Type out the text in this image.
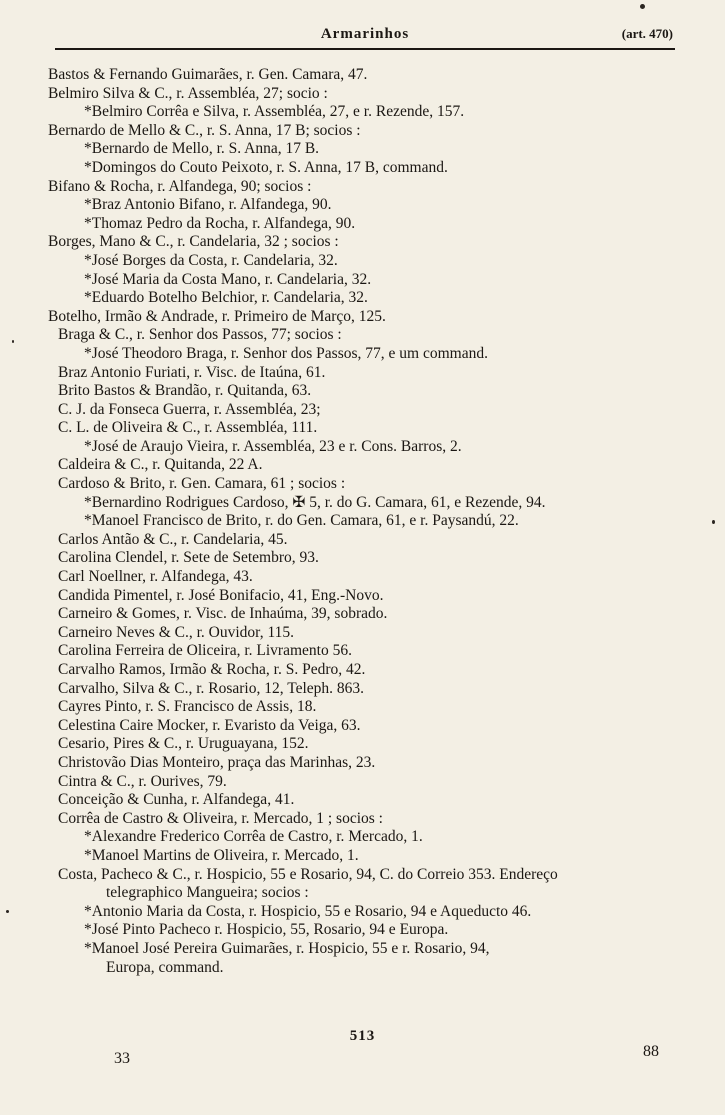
Armarinhos	(art. 470)
Bastos & Fernando Guimarães, r. Gen. Camara, 47.
Belmiro Silva & C., r. Assembléa, 27; socio :
*Belmiro Corrêa e Silva, r. Assembléa, 27, e r. Rezende, 157.
Bernardo de Mello & C., r. S. Anna, 17 B; socios :
*Bernardo de Mello, r. S. Anna, 17 B.
*Domingos do Couto Peixoto, r. S. Anna, 17 B, command.
Bifano & Rocha, r. Alfandega, 90; socios :
*Braz Antonio Bifano, r. Alfandega, 90.
*Thomaz Pedro da Rocha, r. Alfandega, 90.
Borges, Mano & C., r. Candelaria, 32 ; socios :
*José Borges da Costa, r. Candelaria, 32.
*José Maria da Costa Mano, r. Candelaria, 32.
*Eduardo Botelho Belchior, r. Candelaria, 32.
Botelho, Irmão & Andrade, r. Primeiro de Março, 125.
Braga & C., r. Senhor dos Passos, 77; socios :
*José Theodoro Braga, r. Senhor dos Passos, 77, e um command.
Braz Antonio Furiati, r. Visc. de Itaúna, 61.
Brito Bastos & Brandão, r. Quitanda, 63.
C. J. da Fonseca Guerra, r. Assembléa, 23;
C. L. de Oliveira & C., r. Assembléa, 111.
*José de Araujo Vieira, r. Assembléa, 23 e r. Cons. Barros, 2.
Caldeira & C., r. Quitanda, 22 A.
Cardoso & Brito, r. Gen. Camara, 61 ; socios :
*Bernardino Rodrigues Cardoso, ✠ 5, r. do G. Camara, 61, e Rezende, 94.
*Manoel Francisco de Brito, r. do Gen. Camara, 61, e r. Paysandú, 22.
Carlos Antão & C., r. Candelaria, 45.
Carolina Clendel, r. Sete de Setembro, 93.
Carl Noellner, r. Alfandega, 43.
Candida Pimentel, r. José Bonifacio, 41, Eng.-Novo.
Carneiro & Gomes, r. Visc. de Inhaúma, 39, sobrado.
Carneiro Neves & C., r. Ouvidor, 115.
Carolina Ferreira de Oliceira, r. Livramento 56.
Carvalho Ramos, Irmão & Rocha, r. S. Pedro, 42.
Carvalho, Silva & C., r. Rosario, 12, Teleph. 863.
Cayres Pinto, r. S. Francisco de Assis, 18.
Celestina Caire Mocker, r. Evaristo da Veiga, 63.
Cesario, Pires & C., r. Uruguayana, 152.
Christovão Dias Monteiro, praça das Marinhas, 23.
Cintra & C., r. Ourives, 79.
Conceição & Cunha, r. Alfandega, 41.
Corrêa de Castro & Oliveira, r. Mercado, 1 ; socios :
*Alexandre Frederico Corrêa de Castro, r. Mercado, 1.
*Manoel Martins de Oliveira, r. Mercado, 1.
Costa, Pacheco & C., r. Hospicio, 55 e Rosario, 94, C. do Correio 353. Endereço
telegraphico Mangueira; socios :
*Antonio Maria da Costa, r. Hospicio, 55 e Rosario, 94 e Aqueducto 46.
*José Pinto Pacheco r. Hospicio, 55, Rosario, 94 e Europa.
*Manoel José Pereira Guimarães, r. Hospicio, 55 e r. Rosario, 94,
Europa, command.
513
33	88
